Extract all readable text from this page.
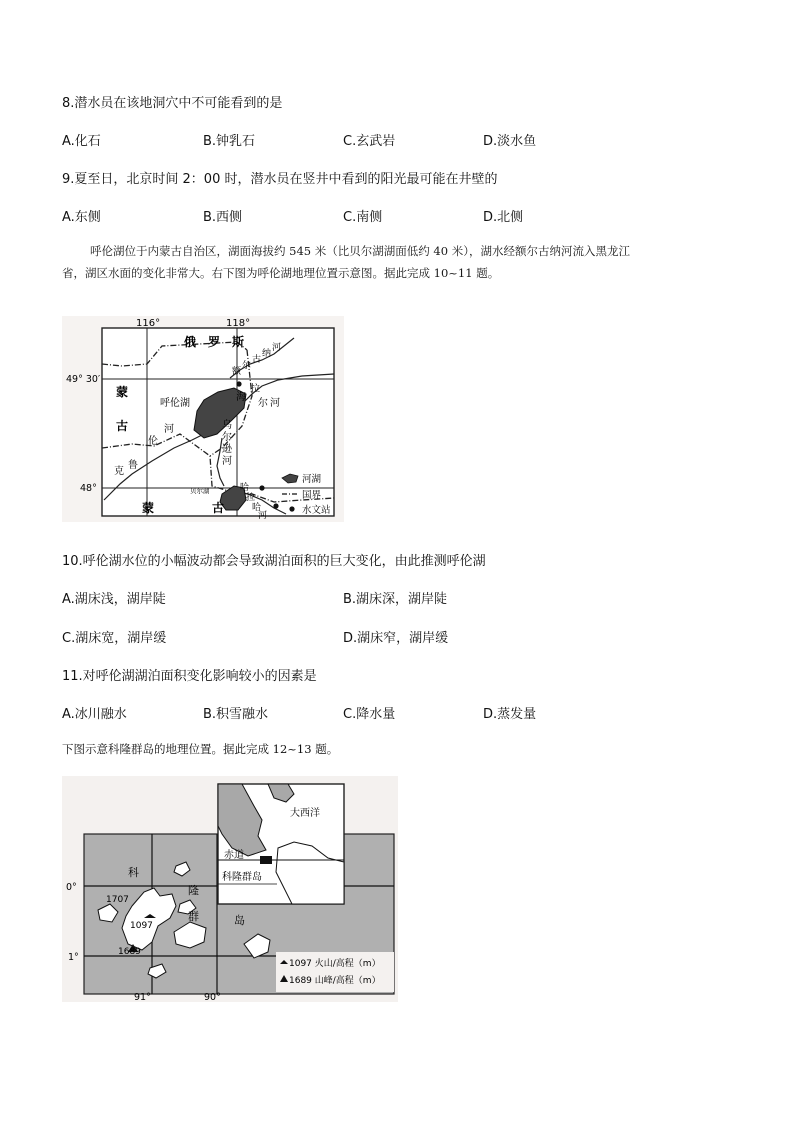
8.潜水员在该地洞穴中不可能看到的是
A.化石	B.钟乳石	C.玄武岩	D.淡水鱼
9.夏至日，北京时间 2：00 时，潜水员在竖井中看到的阳光最可能在井壁的
A.东侧	B.西侧	C.南侧	D.北侧
呼伦湖位于内蒙古自治区，湖面海拔约 545 米（比贝尔湖湖面低约 40 米），湖水经额尔古纳河流入黑龙江
省，湖区水面的变化非常大。右下图为呼伦湖地理位置示意图。据此完成 10~11 题。
116°	118°
49° 30′
48°
俄 罗 斯
蒙
古
蒙	古
呼伦湖
贝尔湖
克
鲁
伦
河	乌
尔
逊
河
海
拉
尔 河
额
尔
古
纳
河
哈
拉
哈
河
河湖
国界
水文站
10.呼伦湖水位的小幅波动都会导致湖泊面积的巨大变化，由此推测呼伦湖
A.湖床浅，湖岸陡	B.湖床深，湖岸陡
C.湖床宽，湖岸缓	D.湖床窄，湖岸缓
11.对呼伦湖湖泊面积变化影响较小的因素是
A.冰川融水	B.积雪融水	C.降水量	D.蒸发量
下图示意科隆群岛的地理位置。据此完成 12~13 题。
科
隆
群	岛
1707
1097
1689
0°
1°
91°	90°
1097 火山/高程（m）
1689 山峰/高程（m）
大西洋
赤道
科隆群岛
